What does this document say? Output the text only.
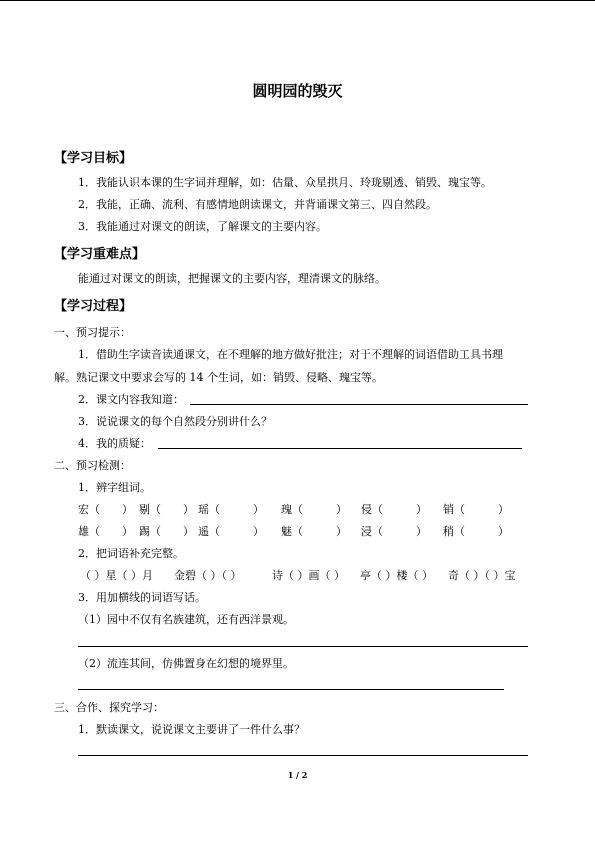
圆明园的毁灭
【学习目标】
1．我能认识本课的生字词并理解，如：估量、众星拱月、玲珑剔透、销毁、瑰宝等。
2．我能，正确、流利、有感情地朗读课文，并背诵课文第三、四自然段。
3．我能通过对课文的朗读，了解课文的主要内容。
【学习重难点】
能通过对课文的朗读，把握课文的主要内容，理清课文的脉络。
【学习过程】
一、预习提示：
1．借助生字读音读通课文，在不理解的地方做好批注；对于不理解的词语借助工具书理
解。熟记课文中要求会写的 14 个生词，如：销毁、侵略、瑰宝等。
2．课文内容我知道：
3．说说课文的每个自然段分别讲什么？
4．我的质疑：
二、预习检测：
1．辨字组词。
宏（　　） 剔（　　） 瑶（　　　） 瑰（　　　） 侵（　　　） 销（　　　）
雄（　　） 踢（　　） 遥（　　　） 魅（　　　） 浸（　　　） 稍（　　　）
2．把词语补充完整。
（ ）星（ ）月 金碧（ ）（ ）	诗（ ）画（ ） 亭（ ）楼（ ） 奇（ ）（ ）宝
3．用加横线的词语写话。
（1）园中不仅有名族建筑，还有西洋景观。
（2）流连其间，仿佛置身在幻想的境界里。
三、合作、探究学习：
1．默读课文，说说课文主要讲了一件什么事？
1 / 2
